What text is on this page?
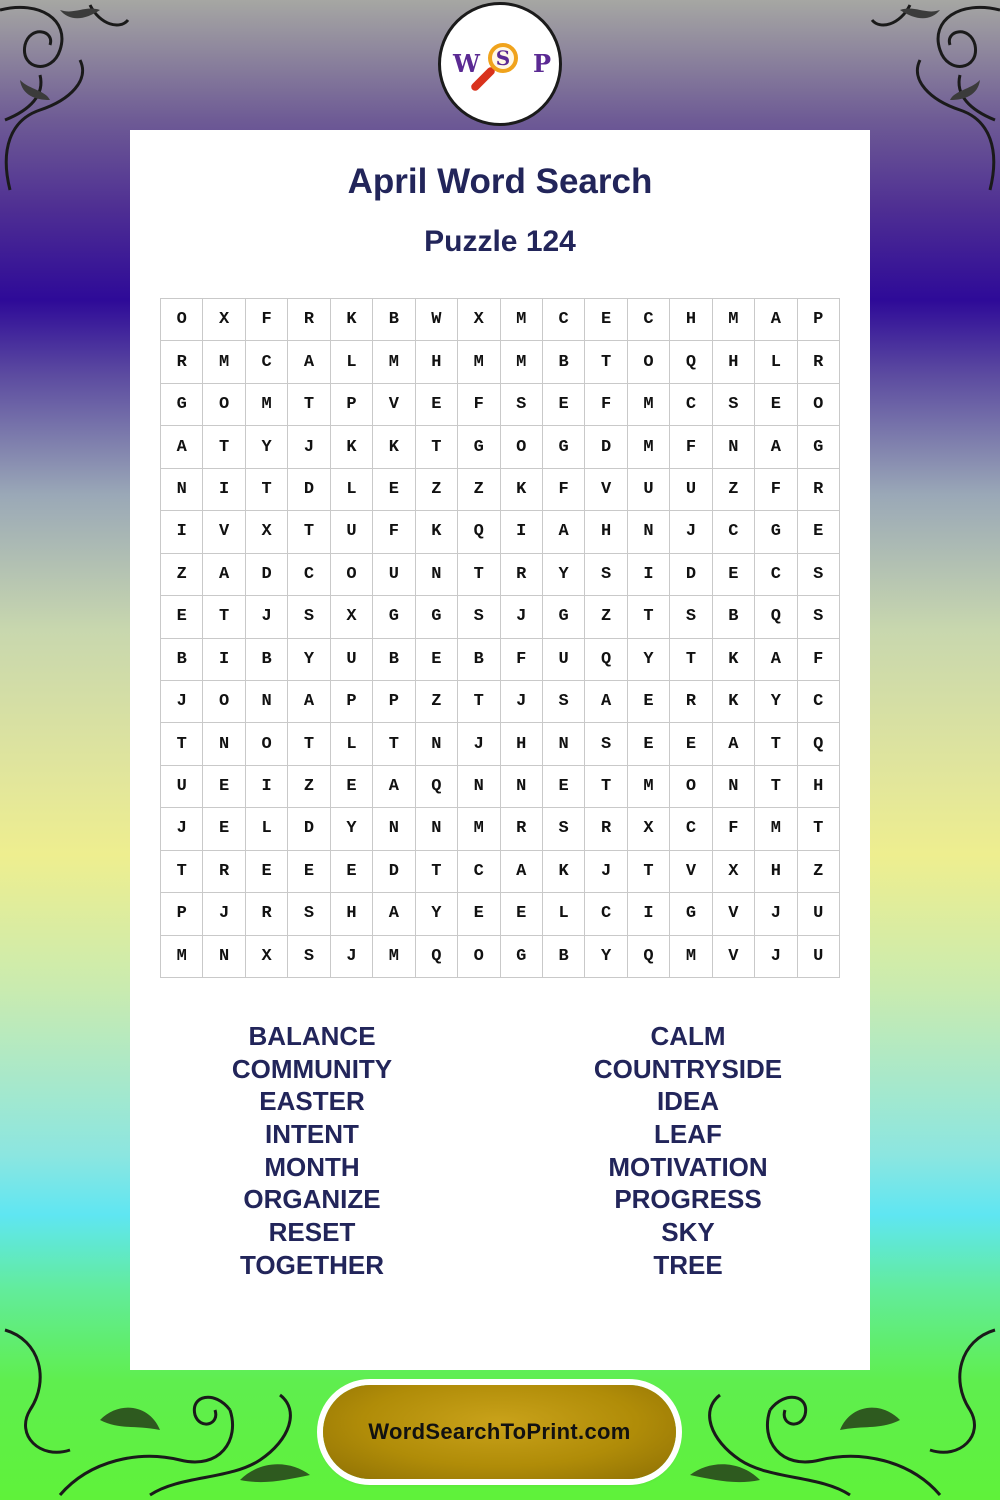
W S P
April Word Search
Puzzle 124
O	X	F	R	K	B	W	X	M	C	E	C	H	M	A	P
R	M	C	A	L	M	H	M	M	B	T	O	Q	H	L	R
G	O	M	T	P	V	E	F	S	E	F	M	C	S	E	O
A	T	Y	J	K	K	T	G	O	G	D	M	F	N	A	G
N	I	T	D	L	E	Z	Z	K	F	V	U	U	Z	F	R
I	V	X	T	U	F	K	Q	I	A	H	N	J	C	G	E
Z	A	D	C	O	U	N	T	R	Y	S	I	D	E	C	S
E	T	J	S	X	G	G	S	J	G	Z	T	S	B	Q	S
B	I	B	Y	U	B	E	B	F	U	Q	Y	T	K	A	F
J	O	N	A	P	P	Z	T	J	S	A	E	R	K	Y	C
T	N	O	T	L	T	N	J	H	N	S	E	E	A	T	Q
U	E	I	Z	E	A	Q	N	N	E	T	M	O	N	T	H
J	E	L	D	Y	N	N	M	R	S	R	X	C	F	M	T
T	R	E	E	E	D	T	C	A	K	J	T	V	X	H	Z
P	J	R	S	H	A	Y	E	E	L	C	I	G	V	J	U
M	N	X	S	J	M	Q	O	G	B	Y	Q	M	V	J	U
BALANCE
COMMUNITY
EASTER
INTENT
MONTH
ORGANIZE
RESET
TOGETHER
CALM
COUNTRYSIDE
IDEA
LEAF
MOTIVATION
PROGRESS
SKY
TREE
WordSearchToPrint.com
